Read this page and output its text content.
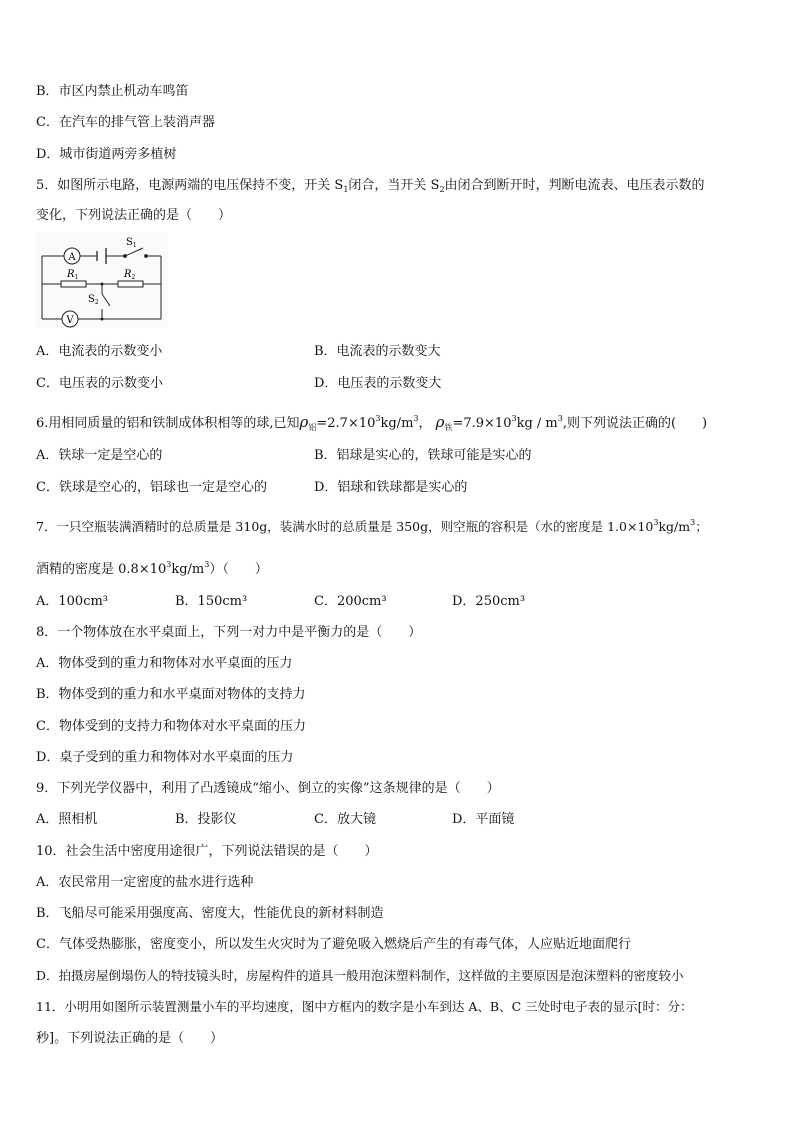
B．市区内禁止机动车鸣笛
C．在汽车的排气管上装消声器
D．城市街道两旁多植树
5．如图所示电路，电源两端的电压保持不变，开关 $S_1$闭合，当开关 $S_2$由闭合到断开时，判断电流表、电压表示数的
变化，下列说法正确的是（　　）
A
V
$S_1$
$S_2$
$R_1$	$R_2$
A．电流表的示数变小	B．电流表的示数变大
C．电压表的示数变小	D．电压表的示数变大
6.用相同质量的铝和铁制成体积相等的球,已知$\rho_铝=2.7\times 10^3kg/m^3$， $\rho_铁=7.9\times 10^3kg / m^3$,则下列说法正确的(　　)
A．铁球一定是空心的	B．铝球是实心的，铁球可能是实心的
C．铁球是空心的，铝球也一定是空心的	D．铝球和铁球都是实心的
7．一只空瓶装满酒精时的总质量是 310g，装满水时的总质量是 350g，则空瓶的容积是（水的密度是 $1.0\times 10^3kg/m^3$；
酒精的密度是 $0.8\times 10^3kg/m^3$）（　　）
A．100cm³	B．150cm³	C．200cm³	D．250cm³
8．一个物体放在水平桌面上，下列一对力中是平衡力的是（　　）
A．物体受到的重力和物体对水平桌面的压力
B．物体受到的重力和水平桌面对物体的支持力
C．物体受到的支持力和物体对水平桌面的压力
D．桌子受到的重力和物体对水平桌面的压力
9．下列光学仪器中，利用了凸透镜成“缩小、倒立的实像”这条规律的是（　　）
A．照相机	B．投影仪	C．放大镜	D．平面镜
10．社会生活中密度用途很广，下列说法错误的是（　　）
A．农民常用一定密度的盐水进行选种
B．飞船尽可能采用强度高、密度大，性能优良的新材料制造
C．气体受热膨胀，密度变小，所以发生火灾时为了避免吸入燃烧后产生的有毒气体，人应贴近地面爬行
D．拍摄房屋倒塌伤人的特技镜头时，房屋构件的道具一般用泡沫塑料制作，这样做的主要原因是泡沫塑料的密度较小
11．小明用如图所示装置测量小车的平均速度，图中方框内的数字是小车到达 A、B、C 三处时电子表的显示[时：分：
秒]。下列说法正确的是（　　）
